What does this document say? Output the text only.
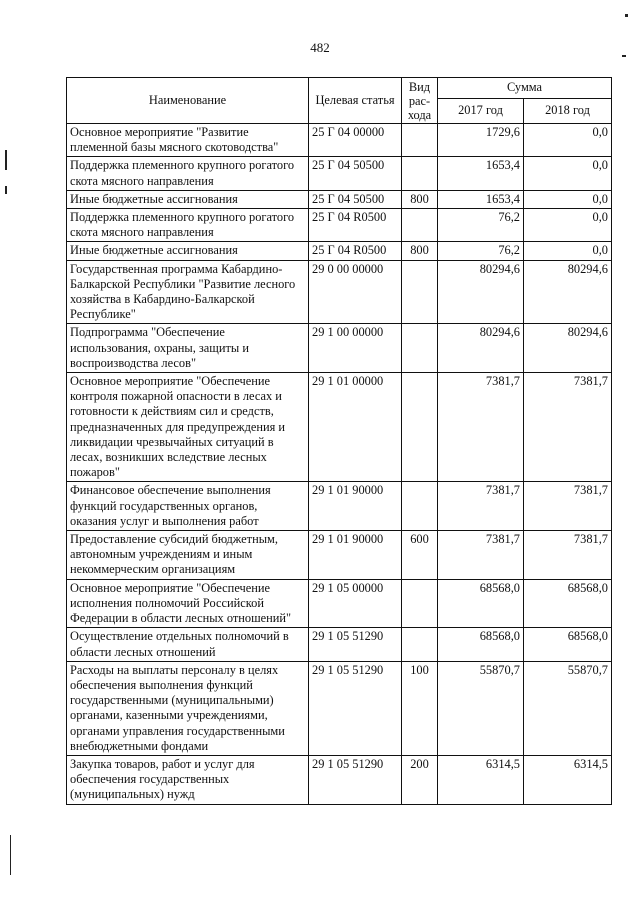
482
Наименование	Целевая статья	Вид
рас-
хода	Сумма	
			2017 год	2018 год
Основное мероприятие "Развитие племенной базы мясного скотоводства"	25 Г 04 00000		1729,6	0,0
Поддержка племенного крупного рогатого скота мясного направления	25 Г 04 50500		1653,4	0,0
Иные бюджетные ассигнования	25 Г 04 50500	800	1653,4	0,0
Поддержка племенного крупного рогатого скота мясного направления	25 Г 04 R0500		76,2	0,0
Иные бюджетные ассигнования	25 Г 04 R0500	800	76,2	0,0
Государственная программа Кабардино-Балкарской Республики "Развитие лесного хозяйства в Кабардино-Балкарской Республике"	29 0 00 00000		80294,6	80294,6
Подпрограмма "Обеспечение использования, охраны, защиты и воспроизводства лесов"	29 1 00 00000		80294,6	80294,6
Основное мероприятие "Обеспечение контроля пожарной опасности в лесах и готовности к действиям сил и средств, предназначенных для предупреждения и ликвидации чрезвычайных ситуаций в лесах, возникших вследствие лесных пожаров"	29 1 01 00000		7381,7	7381,7
Финансовое обеспечение выполнения функций государственных органов, оказания услуг и выполнения работ	29 1 01 90000		7381,7	7381,7
Предоставление субсидий бюджетным, автономным учреждениям и иным некоммерческим организациям	29 1 01 90000	600	7381,7	7381,7
Основное мероприятие "Обеспечение исполнения полномочий Российской Федерации в области лесных отношений"	29 1 05 00000		68568,0	68568,0
Осуществление отдельных полномочий в области лесных отношений	29 1 05 51290		68568,0	68568,0
Расходы на выплаты персоналу в целях обеспечения выполнения функций государственными (муниципальными) органами, казенными учреждениями, органами управления государственными внебюджетными фондами	29 1 05 51290	100	55870,7	55870,7
Закупка товаров, работ и услуг для обеспечения государственных (муниципальных) нужд	29 1 05 51290	200	6314,5	6314,5
